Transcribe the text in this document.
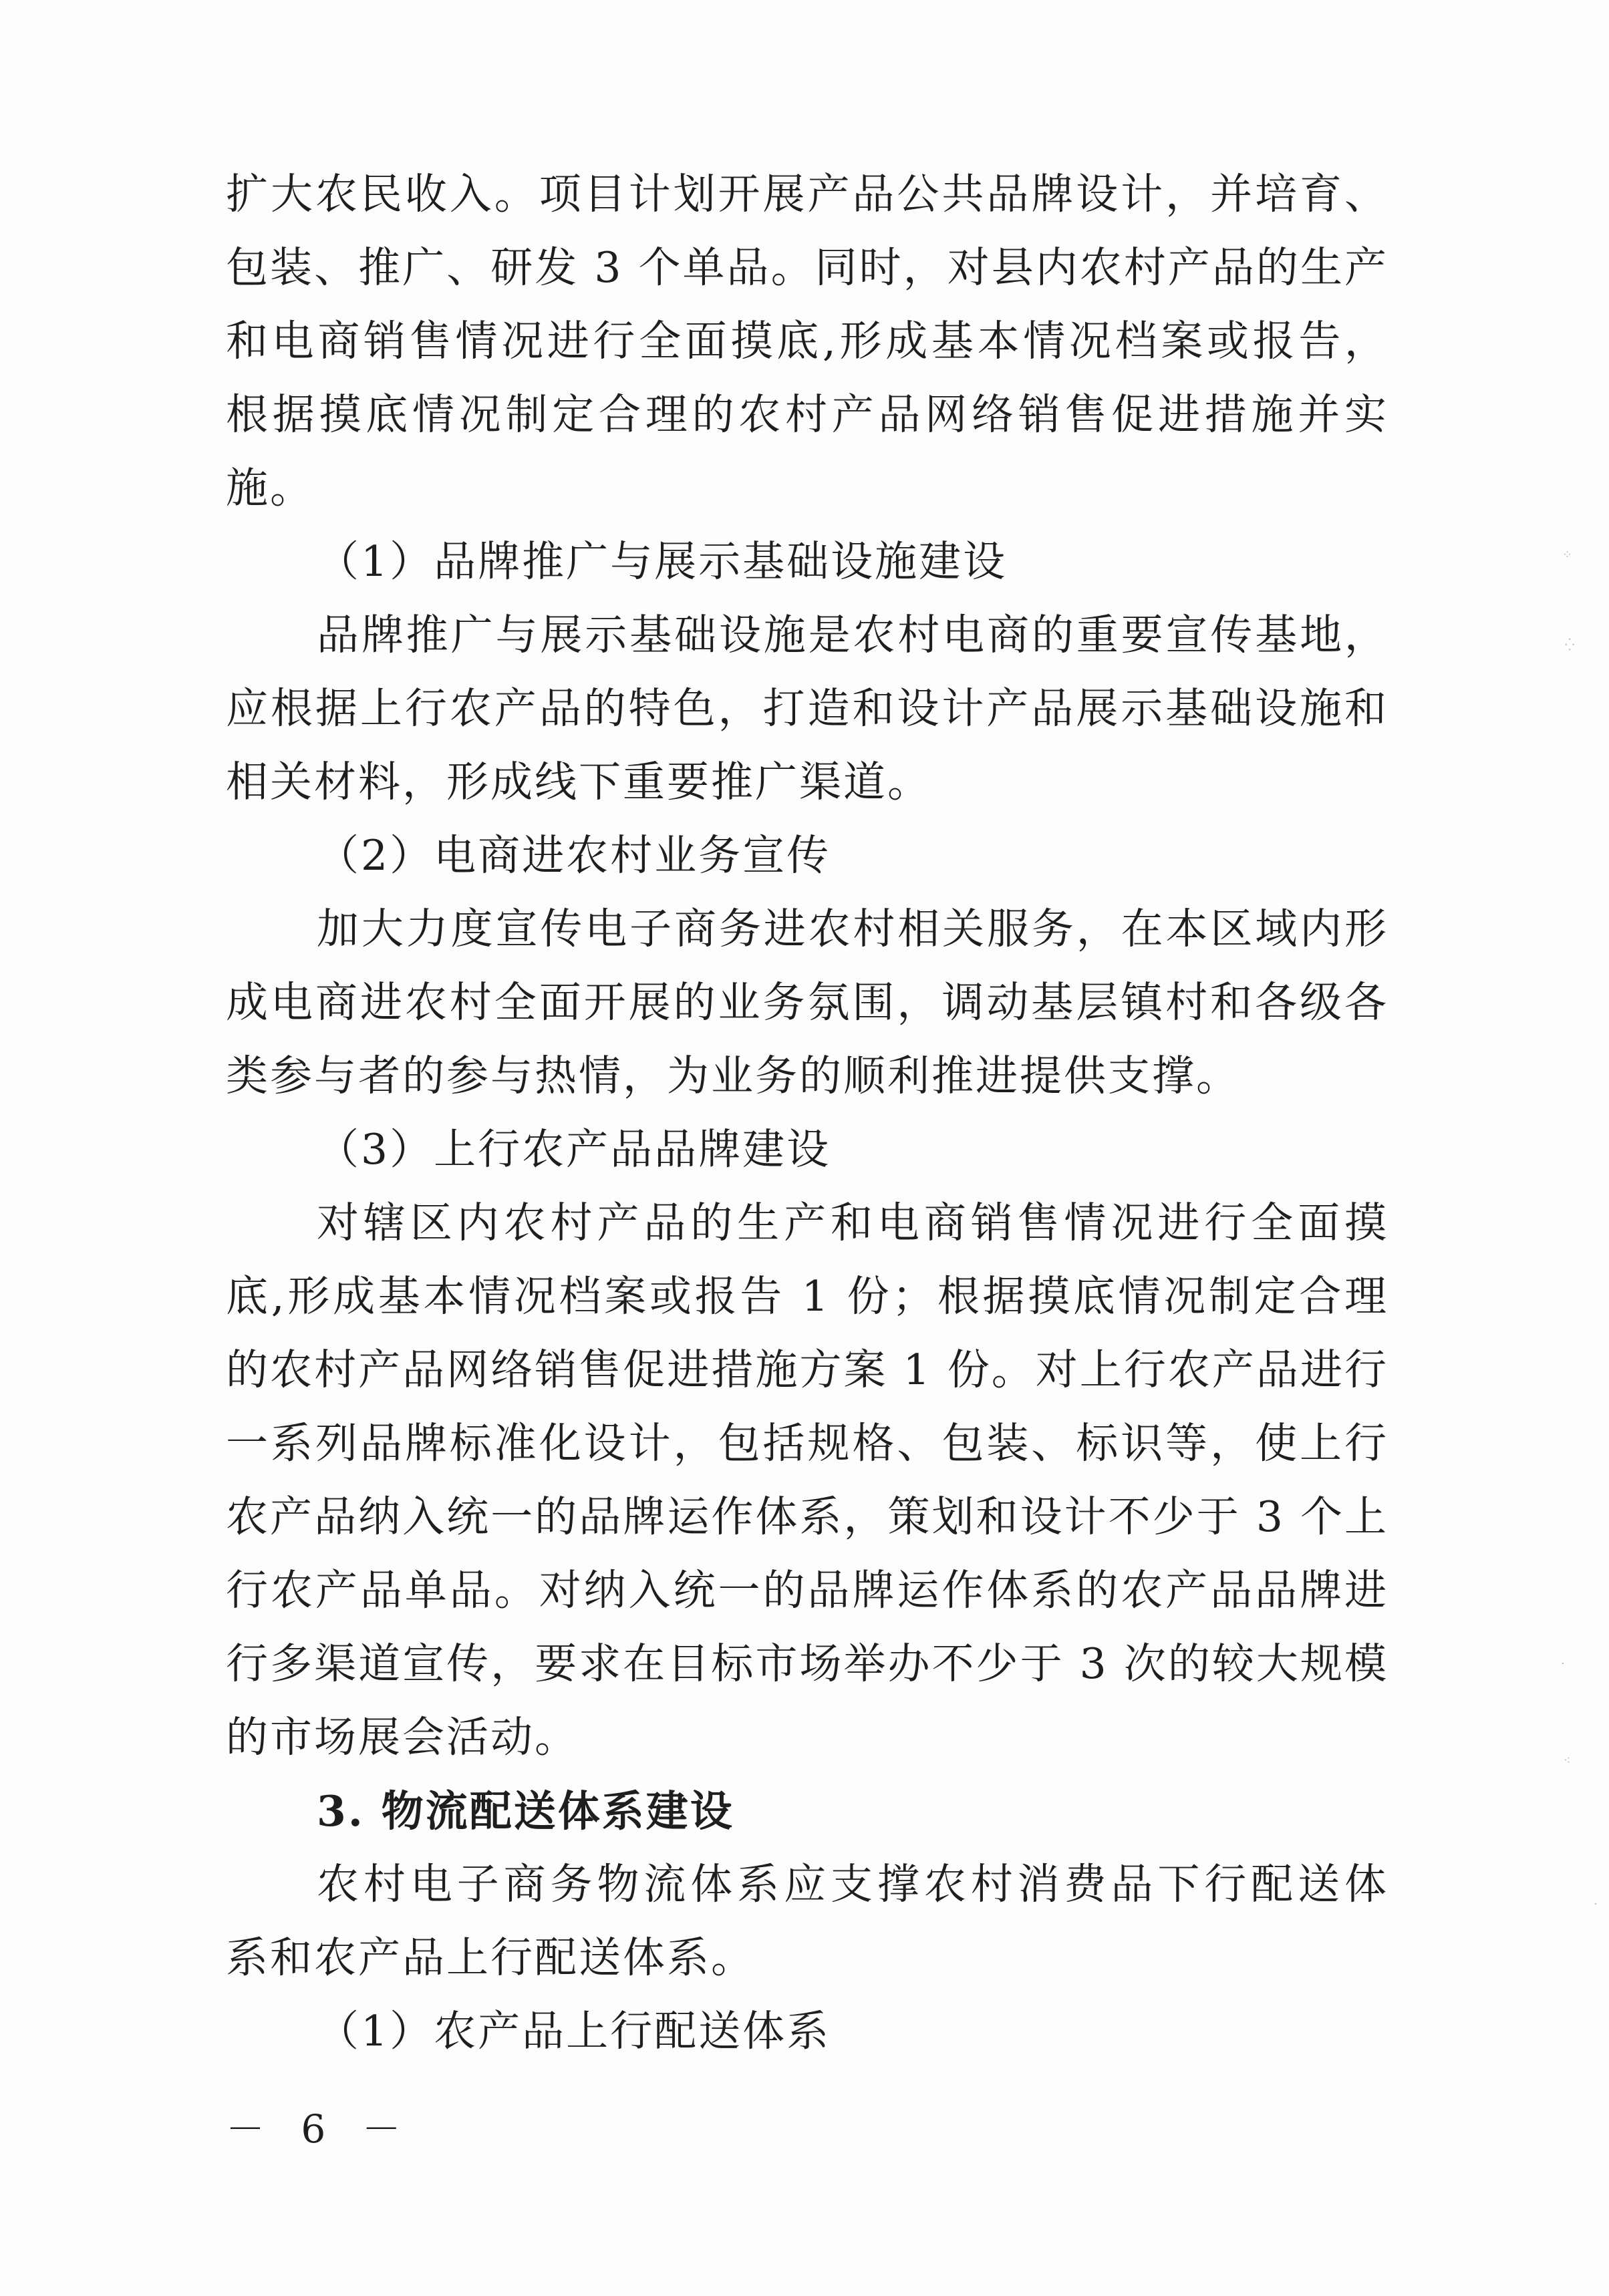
扩大农民收入。项目计划开展产品公共品牌设计，并培育、
包装、推广、研发 3 个单品。同时，对县内农村产品的生产
和电商销售情况进行全面摸底,形成基本情况档案或报告，
根据摸底情况制定合理的农村产品网络销售促进措施并实
施。
（1）品牌推广与展示基础设施建设
品牌推广与展示基础设施是农村电商的重要宣传基地，
应根据上行农产品的特色，打造和设计产品展示基础设施和
相关材料，形成线下重要推广渠道。
（2）电商进农村业务宣传
加大力度宣传电子商务进农村相关服务，在本区域内形
成电商进农村全面开展的业务氛围，调动基层镇村和各级各
类参与者的参与热情，为业务的顺利推进提供支撑。
（3）上行农产品品牌建设
对辖区内农村产品的生产和电商销售情况进行全面摸
底,形成基本情况档案或报告 1 份；根据摸底情况制定合理
的农村产品网络销售促进措施方案 1 份。对上行农产品进行
一系列品牌标准化设计，包括规格、包装、标识等，使上行
农产品纳入统一的品牌运作体系，策划和设计不少于 3 个上
行农产品单品。对纳入统一的品牌运作体系的农产品品牌进
行多渠道宣传，要求在目标市场举办不少于 3 次的较大规模
的市场展会活动。
3. 物流配送体系建设
农村电子商务物流体系应支撑农村消费品下行配送体
系和农产品上行配送体系。
（1）农产品上行配送体系
－ 6 －
⁘
⁛
·
⁖
·
